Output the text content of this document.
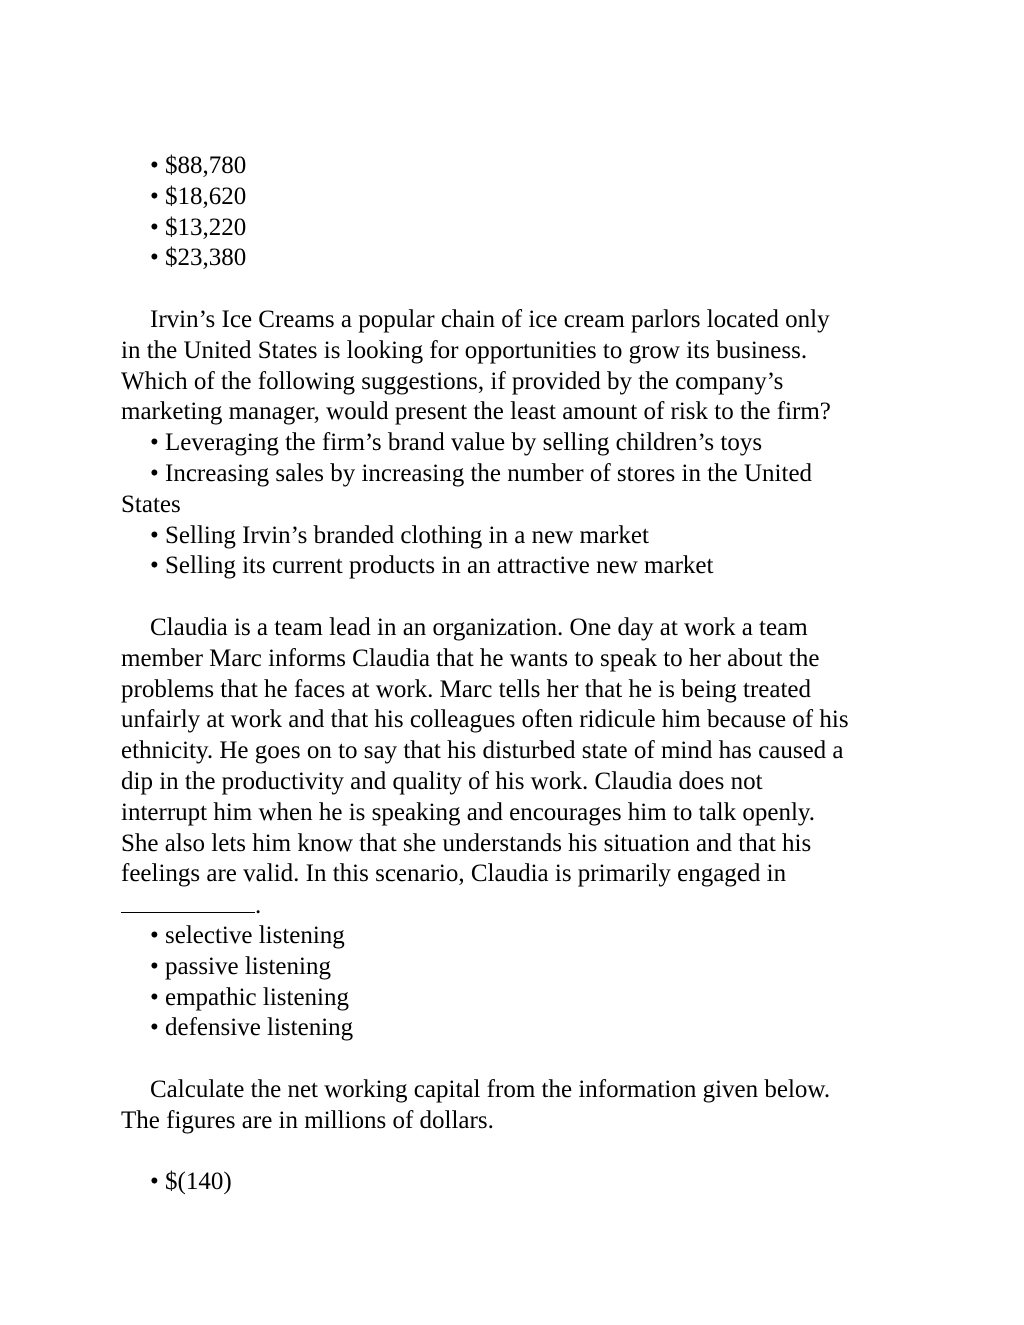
• $88,780
• $18,620
• $13,220
• $23,380
Irvin’s Ice Creams a popular chain of ice cream parlors located only
in the United States is looking for opportunities to grow its business.
Which of the following suggestions, if provided by the company’s
marketing manager, would present the least amount of risk to the firm?
• Leveraging the firm’s brand value by selling children’s toys
• Increasing sales by increasing the number of stores in the United
States
• Selling Irvin’s branded clothing in a new market
• Selling its current products in an attractive new market
Claudia is a team lead in an organization. One day at work a team
member Marc informs Claudia that he wants to speak to her about the
problems that he faces at work. Marc tells her that he is being treated
unfairly at work and that his colleagues often ridicule him because of his
ethnicity. He goes on to say that his disturbed state of mind has caused a
dip in the productivity and quality of his work. Claudia does not
interrupt him when he is speaking and encourages him to talk openly.
She also lets him know that she understands his situation and that his
feelings are valid. In this scenario, Claudia is primarily engaged in
.
• selective listening
• passive listening
• empathic listening
• defensive listening
Calculate the net working capital from the information given below.
The figures are in millions of dollars.
• $(140)
